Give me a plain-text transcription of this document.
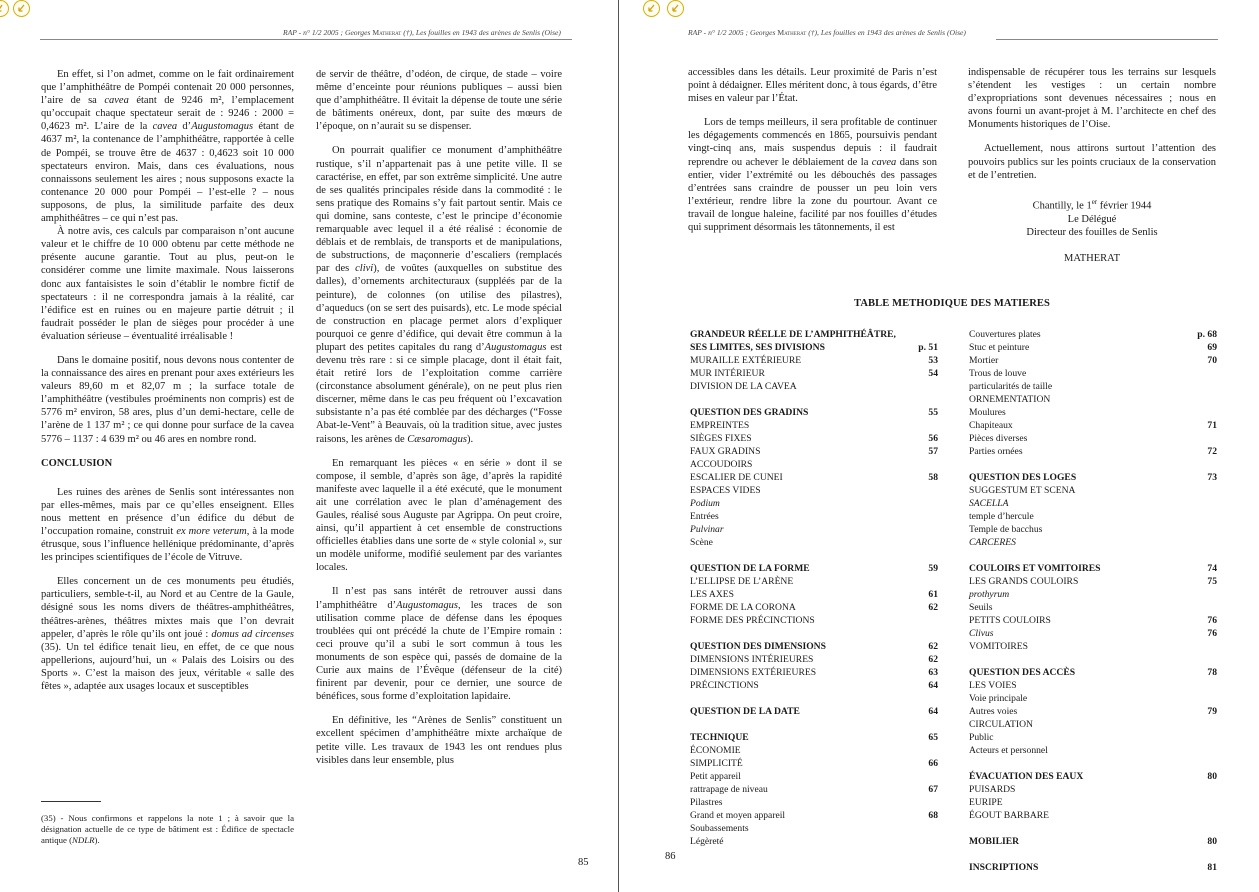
RAP - n° 1/2 2005 ; Georges Matherat (†), Les fouilles en 1943 des arènes de Senlis (Oise)

En effet, si l’on admet, comme on le fait ordinairement que l’amphithéâtre de Pompéi contenait 20 000 personnes, l’aire de sa cavea étant de 9246 m², l’emplacement qu’occupait chaque spectateur serait de : 9246 : 2000 = 0,4623 m². L’aire de la cavea d’Augustomagus étant de 4637 m², la contenance de l’amphithéâtre, rapportée à celle de Pompéi, se trouve être de 4637 : 0,4623 soit 10 000 spectateurs environ. Mais, dans ces évaluations, nous connaissons seulement les aires ; nous supposons exacte la contenance 20 000 pour Pompéi – l’est-elle ? – nous supposons, de plus, la similitude parfaite des deux amphithéâtres – ce qui n’est pas.

À notre avis, ces calculs par comparaison n’ont aucune valeur et le chiffre de 10 000 obtenu par cette méthode ne présente aucune garantie. Tout au plus, peut-on le considérer comme une limite maximale. Nous laisserons donc aux fantaisistes le soin d’établir le nombre fictif de spectateurs : il ne correspondra jamais à la réalité, car l’édifice est en ruines ou en majeure partie détruit ; il faudrait posséder le plan de sièges pour procéder à une évaluation sérieuse – éventualité irréalisable !

Dans le domaine positif, nous devons nous contenter de la connaissance des aires en prenant pour axes extérieurs les valeurs 89,60 m et 82,07 m ; la surface totale de l’amphithéâtre (vestibules proéminents non compris) est de 5776 m² environ, 58 ares, plus d’un demi-hectare, celle de l’arène de 1 137 m² ; ce qui donne pour surface de la cavea 5776 – 1137 : 4 639 m² ou 46 ares en nombre rond.

CONCLUSION

Les ruines des arènes de Senlis sont intéressantes non par elles-mêmes, mais par ce qu’elles enseignent. Elles nous mettent en présence d’un édifice du début de l’occupation romaine, construit ex more veterum, à la mode étrusque, sous l’influence hellénique prédominante, d’après les principes scientifiques de l’école de Vitruve.

Elles concernent un de ces monuments peu étudiés, particuliers, semble-t-il, au Nord et au Centre de la Gaule, désigné sous les noms divers de théâtres-amphithéâtres, théâtres-arènes, théâtres mixtes mais que l’on devrait appeler, d’après le rôle qu’ils ont joué : domus ad circenses (35). Un tel édifice tenait lieu, en effet, de ce que nous appellerions, aujourd’hui, un « Palais des Loisirs ou des Sports ». C’est la maison des jeux, véritable « salle des fêtes », adaptée aux usages locaux et susceptibles

(35) - Nous confirmons et rappelons la note 1 ; à savoir que la désignation actuelle de ce type de bâtiment est : Édifice de spectacle antique (NDLR).

de servir de théâtre, d’odéon, de cirque, de stade – voire même d’enceinte pour réunions publiques – aussi bien que d’amphithéâtre. Il évitait la dépense de toute une série de bâtiments onéreux, dont, par suite des mœurs de l’époque, on n’aurait su se dispenser.

On pourrait qualifier ce monument d’amphithéâtre rustique, s’il n’appartenait pas à une petite ville. Il se caractérise, en effet, par son extrême simplicité. Une autre de ses qualités principales réside dans la commodité : le sens pratique des Romains s’y fait partout sentir. Mais ce qui domine, sans conteste, c’est le principe d’économie remarquable avec lequel il a été réalisé : économie de déblais et de remblais, de transports et de manipulations, de substructions, de maçonnerie d’escaliers (remplacés par des clivi), de voûtes (auxquelles on substitue des dalles), d’ornements architecturaux (suppléés par de la peinture), de colonnes (on utilise des pilastres), d’aqueducs (on se sert des puisards), etc. Le mode spécial de construction en placage permet alors d’expliquer pourquoi ce genre d’édifice, qui devait être commun à la plupart des petites capitales du rang d’Augustomagus est devenu très rare : si ce simple placage, dont il était fait, était retiré lors de l’exploitation comme carrière (circonstance absolument générale), on ne peut plus rien discerner, même dans le cas peu fréquent où l’excavation subsistante n’a pas été comblée par des décharges (“Fosse Abat-le-Vent” à Beauvais, où la tradition situe, avec justes raisons, les arènes de Cæsaromagus).

En remarquant les pièces « en série » dont il se compose, il semble, d’après son âge, d’après la rapidité manifeste avec laquelle il a été exécuté, que le monument ait une corrélation avec le plan d’aménagement des Gaules, réalisé sous Auguste par Agrippa. On peut croire, ainsi, qu’il appartient à cet ensemble de constructions officielles établies dans une sorte de « style colonial », sur un modèle uniforme, modifié seulement par des variantes locales.

Il n’est pas sans intérêt de retrouver aussi dans l’amphithéâtre d’Augustomagus, les traces de son utilisation comme place de défense dans les époques troublées qui ont précédé la chute de l’Empire romain : ceci prouve qu’il a subi le sort commun à tous les monuments de son espèce qui, passés de domaine de la Curie aux mains de l’Évêque (défenseur de la cité) finirent par devenir, pour ce dernier, une source de bénéfices, sous forme d’exploitation lapidaire.

En définitive, les “Arènes de Senlis” constituent un excellent spécimen d’amphithéâtre mixte archaïque de petite ville. Les travaux de 1943 les ont rendues plus visibles dans leur ensemble, plus

85
RAP - n° 1/2 2005 ; Georges Matherat (†), Les fouilles en 1943 des arènes de Senlis (Oise)

accessibles dans les détails. Leur proximité de Paris n’est point à dédaigner. Elles méritent donc, à tous égards, d’être mises en valeur par l’État.

Lors de temps meilleurs, il sera profitable de continuer les dégagements commencés en 1865, poursuivis pendant vingt-cinq ans, mais suspendus depuis : il faudrait reprendre ou achever le déblaiement de la cavea dans son entier, vider l’extrémité ou les débouchés des passages d’entrées sans craindre de pousser un peu loin vers l’extérieur, rendre libre la zone du pourtour. Avant ce travail de longue haleine, facilité par nos fouilles d’études qui suppriment désormais les tâtonnements, il est

indispensable de récupérer tous les terrains sur lesquels s’étendent les vestiges : un certain nombre d’expropriations sont devenues nécessaires ; nous en avons fourni un avant-projet à M. l’architecte en chef des Monuments historiques de l’Oise.

Actuellement, nous attirons surtout l’attention des pouvoirs publics sur les points cruciaux de la conservation et de l’entretien.

Chantilly, le 1er février 1944
Le Délégué
Directeur des fouilles de Senlis
MATHERAT
TABLE METHODIQUE DES MATIERES
GRANDEUR RÉELLE DE L’AMPHITHÉÂTRE,
SES LIMITES, SES DIVISIONS	p. 51
MURAILLE EXTÉRIEURE	53
MUR INTÉRIEUR	54
DIVISION DE LA CAVEA
QUESTION DES GRADINS	55
EMPREINTES
SIÈGES FIXES	56
FAUX GRADINS	57
ACCOUDOIRS
ESCALIER DE CUNEI	58
ESPACES VIDES
Podium
Entrées
Pulvinar
Scène
QUESTION DE LA FORME	59
L’ELLIPSE DE L’ARÈNE
LES AXES	61
FORME DE LA CORONA	62
FORME DES PRÉCINCTIONS
QUESTION DES DIMENSIONS	62
DIMENSIONS INTÉRIEURES	62
DIMENSIONS EXTÉRIEURES	63
PRÉCINCTIONS	64
QUESTION DE LA DATE	64
TECHNIQUE	65
ÉCONOMIE
SIMPLICITÉ	66
Petit appareil
rattrapage de niveau	67
Pilastres
Grand et moyen appareil	68
Soubassements
Légèreté
Couvertures plates	p. 68
Stuc et peinture	69
Mortier	70
Trous de louve
particularités de taille
ORNEMENTATION
Moulures
Chapiteaux	71
Pièces diverses
Parties ornées	72
QUESTION DES LOGES	73
SUGGESTUM ET SCENA
SACELLA
temple d’hercule
Temple de bacchus
CARCERES
COULOIRS ET VOMITOIRES	74
LES GRANDS COULOIRS	75
prothyrum
Seuils
PETITS COULOIRS	76
Clivus	76
VOMITOIRES
QUESTION DES ACCÈS	78
LES VOIES
Voie principale
Autres voies	79
CIRCULATION
Public
Acteurs et personnel
ÉVACUATION DES EAUX	80
PUISARDS
EURIPE
ÉGOUT BARBARE
MOBILIER	80
INSCRIPTIONS	81
86
